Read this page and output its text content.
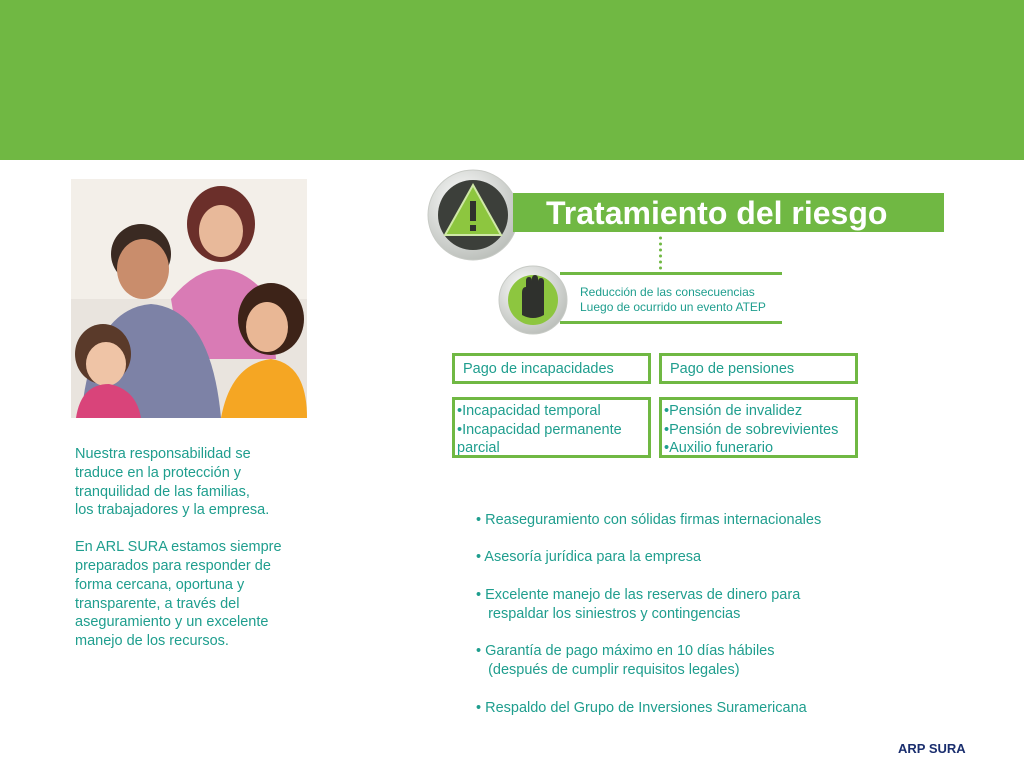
Nuestra responsabilidad se
traduce en la protección y
tranquilidad de las familias,
los trabajadores y la empresa.

En ARL SURA estamos siempre
preparados para responder de
forma cercana, oportuna y
transparente, a través del
aseguramiento y un excelente
manejo de los recursos.

Tratamiento del riesgo
Reducción de las consecuencias
Luego de ocurrido un evento ATEP
Pago de incapacidades	Pago de pensiones
•Incapacidad temporal
•Incapacidad permanente
parcial
•Pensión de invalidez
•Pensión de sobrevivientes
•Auxilio funerario

• Reaseguramiento con sólidas firmas internacionales

• Asesoría jurídica para la empresa

• Excelente manejo de las reservas de dinero para
respaldar los siniestros y contingencias

• Garantía de pago máximo en 10 días hábiles
(después de cumplir requisitos legales)

• Respaldo del Grupo de Inversiones Suramericana

ARP SURA
